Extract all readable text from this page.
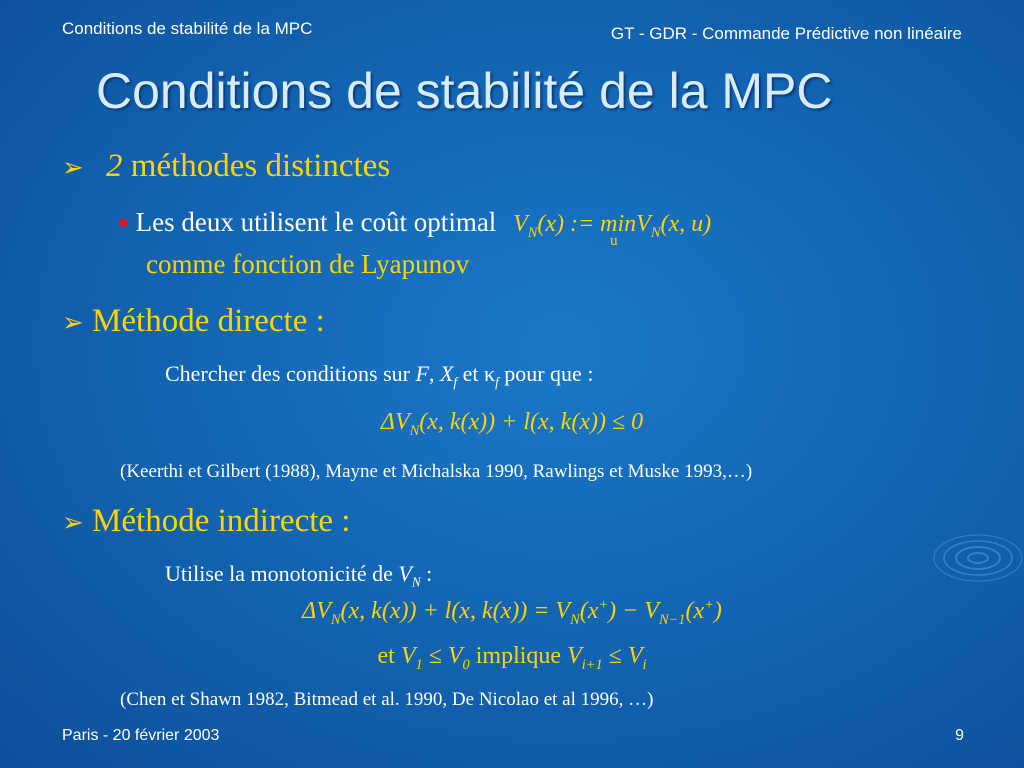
Conditions de stabilité de la MPC	GT - GDR - Commande Prédictive non linéaire
Conditions de stabilité de la MPC
➢ 2 méthodes distinctes
● Les deux utilisent le coût optimal $V_N(x)$ := min
u
$V_N(x$, u)
comme fonction de Lyapunov
➢ Méthode directe :
Chercher des conditions sur F, $X_f$ et $\kappa_f$ pour que :
$\Delta V_N(x$, k(x)) + l(x, k(x)) ≤ 0
(Keerthi et Gilbert (1988), Mayne et Michalska 1990, Rawlings et Muske 1993,…)
➢ Méthode indirecte :
Utilise la monotonicité de $V_N$ :
$\Delta V_N(x$, k(x)) + l(x, $k(x)) = V_N(x^+) - V_{N-1}(x^+)$
et $V_1 \le V_0$ implique $V_{i+1} \le V_i$
(Chen et Shawn 1982, Bitmead et al. 1990, De Nicolao et al 1996, …)
Paris - 20 février 2003	9
